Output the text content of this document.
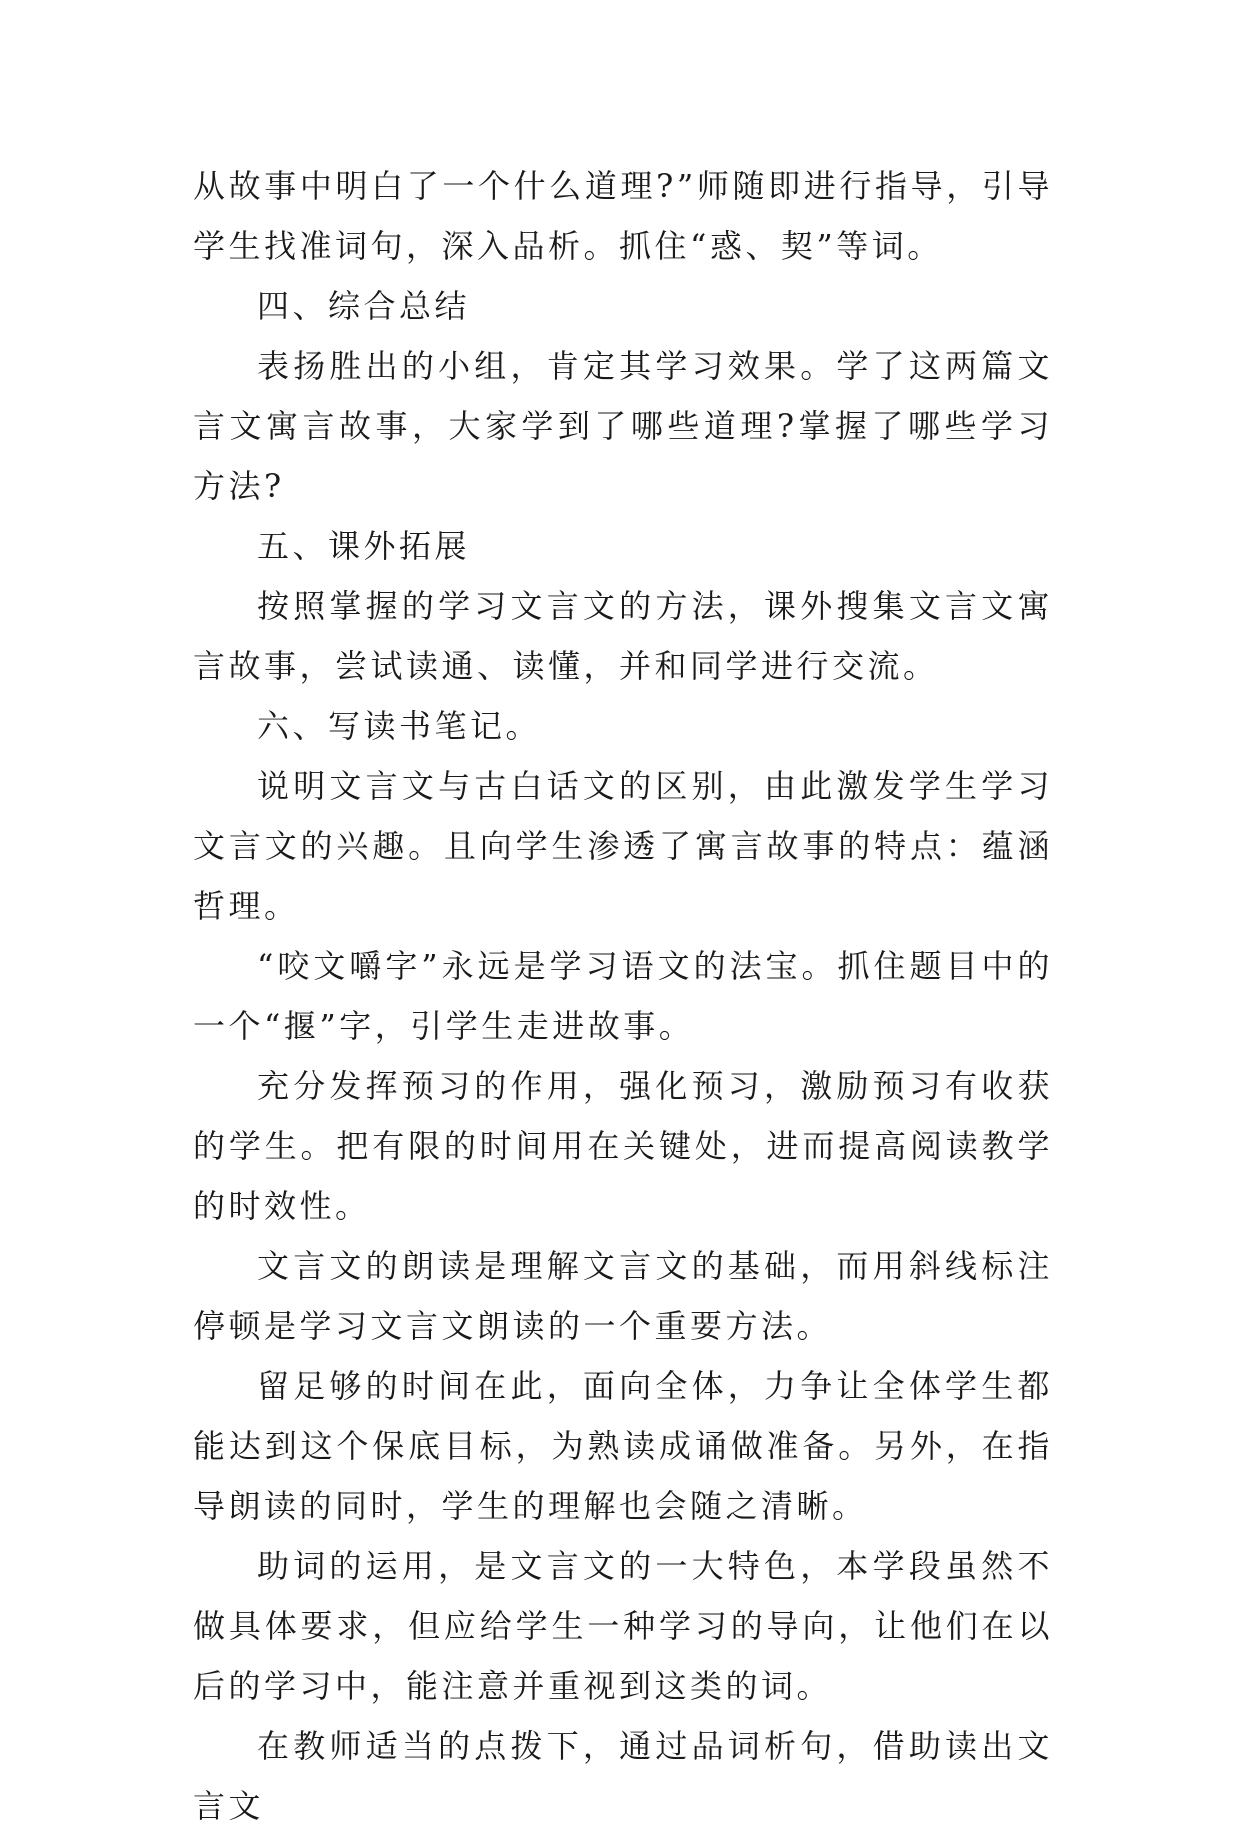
从故事中明白了一个什么道理?”师随即进行指导，引导学生找准词句，深入品析。抓住“惑、契”等词。

四、综合总结

表扬胜出的小组，肯定其学习效果。学了这两篇文言文寓言故事，大家学到了哪些道理?掌握了哪些学习方法?

五、课外拓展

按照掌握的学习文言文的方法，课外搜集文言文寓言故事，尝试读通、读懂，并和同学进行交流。

六、写读书笔记。

说明文言文与古白话文的区别，由此激发学生学习文言文的兴趣。且向学生渗透了寓言故事的特点：蕴涵哲理。

“咬文嚼字”永远是学习语文的法宝。抓住题目中的一个“揠”字，引学生走进故事。

充分发挥预习的作用，强化预习，激励预习有收获的学生。把有限的时间用在关键处，进而提高阅读教学的时效性。

文言文的朗读是理解文言文的基础，而用斜线标注停顿是学习文言文朗读的一个重要方法。

留足够的时间在此，面向全体，力争让全体学生都能达到这个保底目标，为熟读成诵做准备。另外，在指导朗读的同时，学生的理解也会随之清晰。

助词的运用，是文言文的一大特色，本学段虽然不做具体要求，但应给学生一种学习的导向，让他们在以后的学习中，能注意并重视到这类的词。

在教师适当的点拨下，通过品词析句，借助读出文言文
